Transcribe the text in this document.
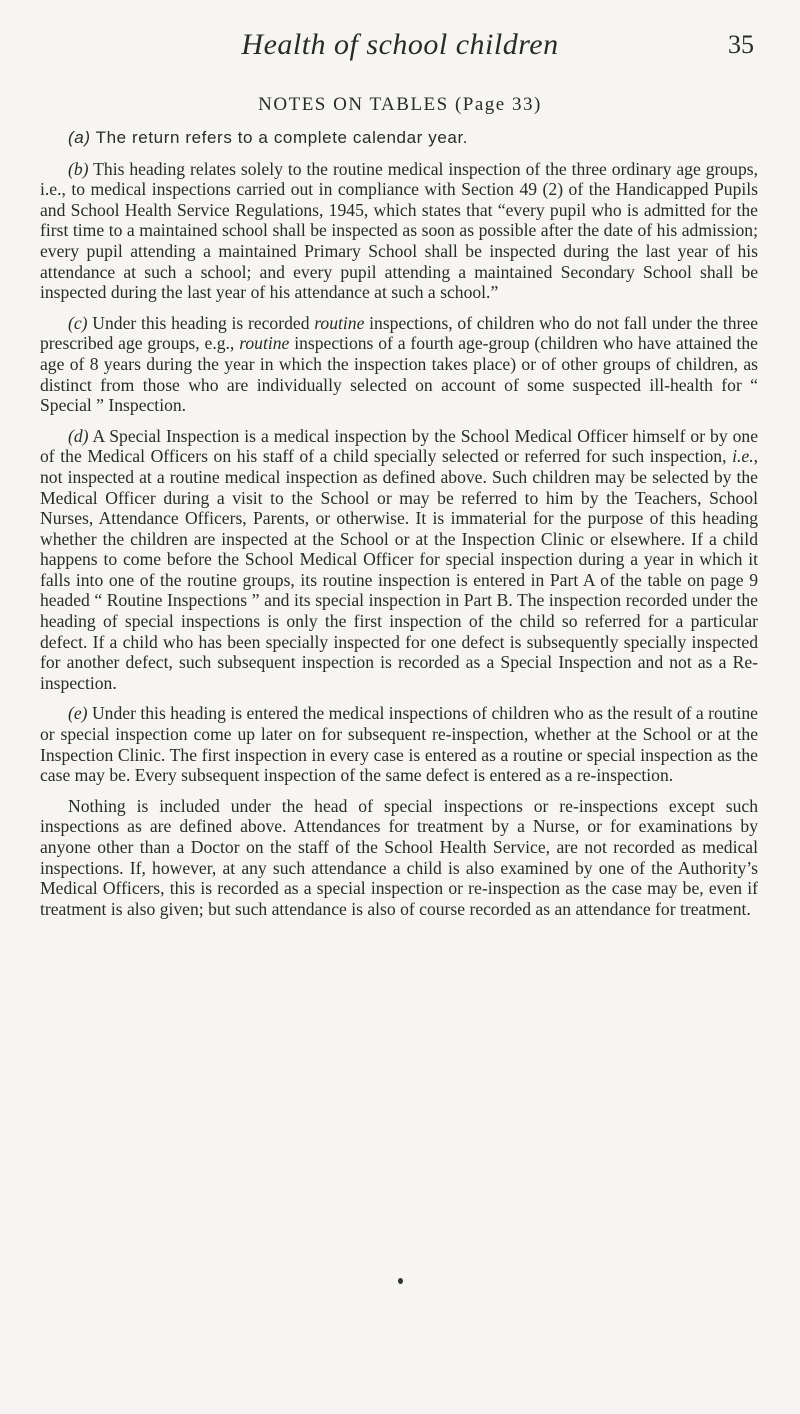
Health of school children	35
NOTES ON TABLES (Page 33)

(a) The return refers to a complete calendar year.

(b) This heading relates solely to the routine medical inspection of the three ordinary age groups, i.e., to medical inspections carried out in compliance with Section 49 (2) of the Handicapped Pupils and School Health Service Regulations, 1945, which states that “every pupil who is admitted for the first time to a maintained school shall be inspected as soon as possible after the date of his admission; every pupil attending a maintained Primary School shall be inspected during the last year of his attendance at such a school; and every pupil attending a maintained Secondary School shall be inspected during the last year of his attendance at such a school.”

(c) Under this heading is recorded routine inspections, of children who do not fall under the three prescribed age groups, e.g., routine inspections of a fourth age-group (children who have attained the age of 8 years during the year in which the inspection takes place) or of other groups of children, as distinct from those who are individually selected on account of some suspected ill-health for “ Special ” Inspection.

(d) A Special Inspection is a medical inspection by the School Medical Officer himself or by one of the Medical Officers on his staff of a child specially selected or referred for such inspection, i.e., not inspected at a routine medical inspection as defined above. Such children may be selected by the Medical Officer during a visit to the School or may be referred to him by the Teachers, School Nurses, Attendance Officers, Parents, or otherwise. It is immaterial for the purpose of this heading whether the children are inspected at the School or at the Inspection Clinic or elsewhere. If a child happens to come before the School Medical Officer for special inspection during a year in which it falls into one of the routine groups, its routine inspection is entered in Part A of the table on page 9 headed “ Routine Inspections ” and its special inspection in Part B. The inspection recorded under the heading of special inspections is only the first inspection of the child so referred for a particular defect. If a child who has been specially inspected for one defect is subsequently specially inspected for another defect, such subsequent inspection is recorded as a Special Inspection and not as a Re-inspection.

(e) Under this heading is entered the medical inspections of children who as the result of a routine or special inspection come up later on for subsequent re-inspection, whether at the School or at the Inspection Clinic. The first inspection in every case is entered as a routine or special inspection as the case may be. Every subsequent inspection of the same defect is entered as a re-inspection.

Nothing is included under the head of special inspections or re-inspections except such inspections as are defined above. Attendances for treatment by a Nurse, or for examinations by anyone other than a Doctor on the staff of the School Health Service, are not recorded as medical inspections. If, however, at any such attendance a child is also examined by one of the Authority’s Medical Officers, this is recorded as a special inspection or re-inspection as the case may be, even if treatment is also given; but such attendance is also of course recorded as an attendance for treatment.
